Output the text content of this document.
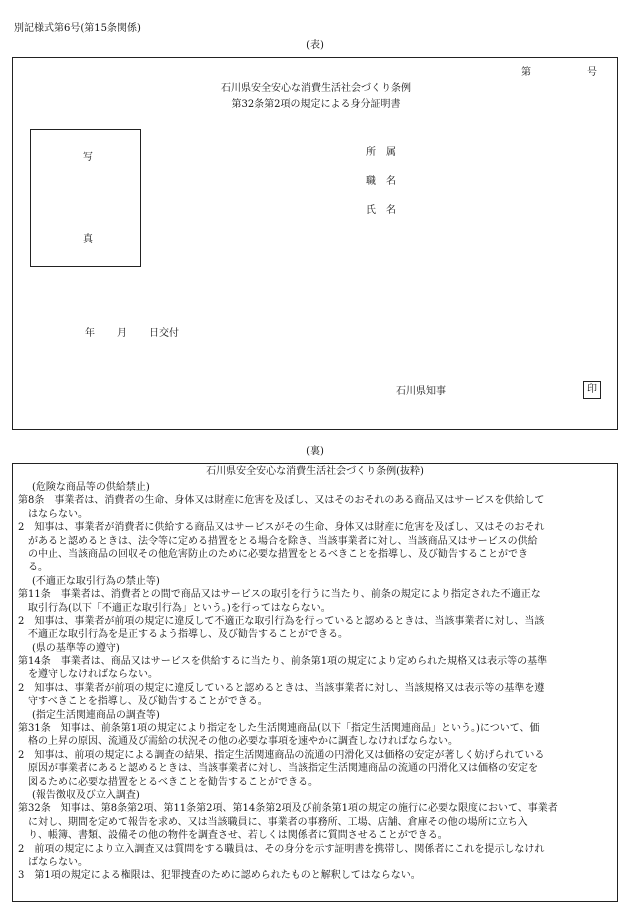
別記様式第6号(第15条関係)
(表)
第	号
石川県安全安心な消費生活社会づくり条例
第32条第2項の規定による身分証明書
写
真
所　属
職　名
氏　名
年 月 日交付
石川県知事	印
(裏)
石川県安全安心な消費生活社会づくり条例(抜粋)
(危険な商品等の供給禁止)
第8条　事業者は、消費者の生命、身体又は財産に危害を及ぼし、又はそのおそれのある商品又はサービスを供給して
はならない。
2　知事は、事業者が消費者に供給する商品又はサービスがその生命、身体又は財産に危害を及ぼし、又はそのおそれ
があると認めるときは、法令等に定める措置をとる場合を除き、当該事業者に対し、当該商品又はサービスの供給
の中止、当該商品の回収その他危害防止のために必要な措置をとるべきことを指導し、及び勧告することができ
る。
(不適正な取引行為の禁止等)
第11条　事業者は、消費者との間で商品又はサービスの取引を行うに当たり、前条の規定により指定された不適正な
取引行為(以下「不適正な取引行為」という。)を行ってはならない。
2　知事は、事業者が前項の規定に違反して不適正な取引行為を行っていると認めるときは、当該事業者に対し、当該
不適正な取引行為を是正するよう指導し、及び勧告することができる。
(県の基準等の遵守)
第14条　事業者は、商品又はサービスを供給するに当たり、前条第1項の規定により定められた規格又は表示等の基準
を遵守しなければならない。
2　知事は、事業者が前項の規定に違反していると認めるときは、当該事業者に対し、当該規格又は表示等の基準を遵
守すべきことを指導し、及び勧告することができる。
(指定生活関連商品の調査等)
第31条　知事は、前条第1項の規定により指定をした生活関連商品(以下「指定生活関連商品」という。)について、価
格の上昇の原因、流通及び需給の状況その他の必要な事項を速やかに調査しなければならない。
2　知事は、前項の規定による調査の結果、指定生活関連商品の流通の円滑化又は価格の安定が著しく妨げられている
原因が事業者にあると認めるときは、当該事業者に対し、当該指定生活関連商品の流通の円滑化又は価格の安定を
図るために必要な措置をとるべきことを勧告することができる。
(報告徴収及び立入調査)
第32条　知事は、第8条第2項、第11条第2項、第14条第2項及び前条第1項の規定の施行に必要な限度において、事業者
に対し、期間を定めて報告を求め、又は当該職員に、事業者の事務所、工場、店舗、倉庫その他の場所に立ち入
り、帳簿、書類、設備その他の物件を調査させ、若しくは関係者に質問させることができる。
2　前項の規定により立入調査又は質問をする職員は、その身分を示す証明書を携帯し、関係者にこれを提示しなけれ
ばならない。
3　第1項の規定による権限は、犯罪捜査のために認められたものと解釈してはならない。
